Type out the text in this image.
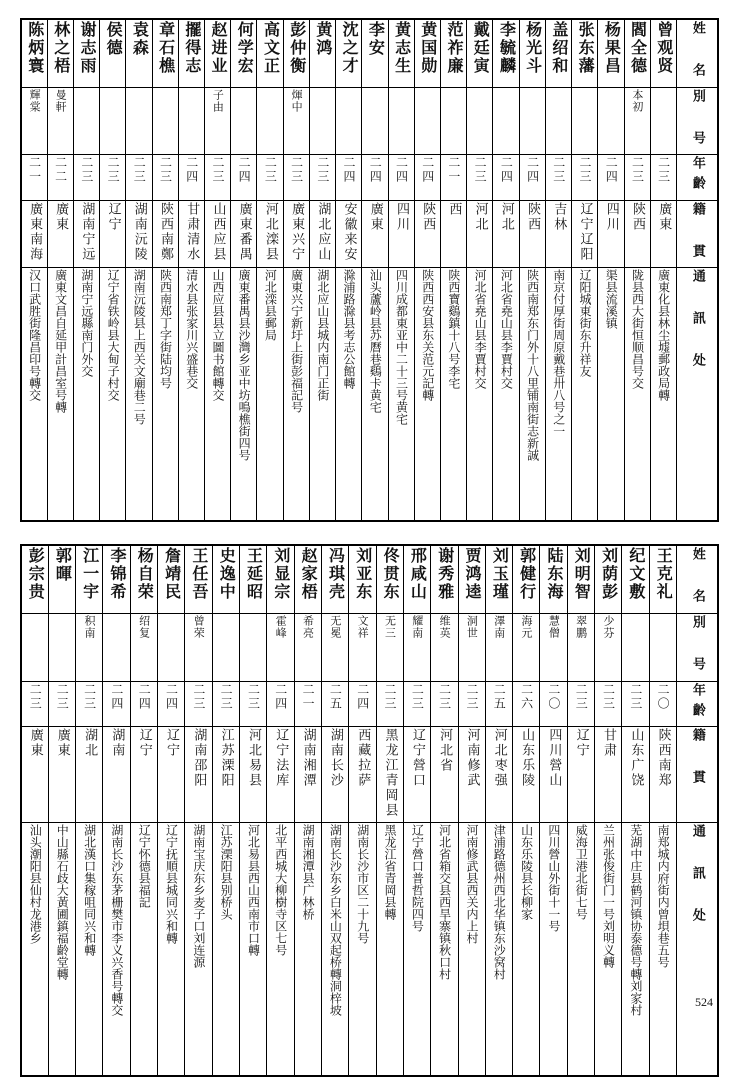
陈炳寰	林之梧	谢志雨	侯德	袁森	章石樵	擺得志	赵进业	何学宏	高文正	彭仲衡	黄鸿	沈之才	李安	黄志生	黄国勋	范祚廉	戴廷寅	李毓麟	杨光斗	盖绍和	张东藩	杨果昌	閻全德	曾观贤	姓 名
輝棠	曼軒						子由			煇中													本初		別 号
二一	二二	二三	二三	二三	二三	二四	二三	二四	二三	二三	二三	二四	二四	二四	二四	二一	二三	二四	二四	二三	二三	二四	二三	二三	年齡
廣東南海	廣東	湖南宁远	辽宁	湖南沅陵	陝西南鄭	甘肃清水	山西应县	廣東番禺	河北滦县	廣東兴宁	湖北应山	安徽来安	廣東	四川	陝西	西	河北	河北	陝西	吉林	辽宁辽阳	四川	陝西	廣東	籍 貫
汉口武胜街隆昌印号轉交	廣東文昌自延甲計昌室号轉	湖南宁远縣南门外交	辽宁省铁岭县大甸子村交	湖南沅陵县上西关文廟巷二号	陕西南郑丁字街陆均号	清水县张家川兴盛巷交	山西应县县立圖书館轉交	廣東番禺县沙灣乡亚中坊鳴樵街四号	河北滦县郵局	廣東兴宁新圩上街彭福記号	湖北应山县城内南门正街	滁浦路滁县考志公館轉	汕头蘆岭县苏曆巷鷄卡黄宅	四川成都東亚中二十三号黄宅	陕西西安县东关范元記轉	陕西寶鷄鎮十八号李宅	河北省堯山县李賈村交	河北省堯山县李賈村交	陕西南郑东门外十八里铺南街志新誠	南京付厚街周原戴巷卅八号之一	辽阳城東街东升祥友	渠县流溪镇	陇县西大街恒顺昌号交	廣東化县林尘墟郵政局轉	通 訊 处
彭宗贵	郭暉	江一宇	李锦希	杨自荣	詹靖民	王任吾	史逸中	王延昭	刘显宗	赵家梧	冯琪壳	刘亚东	佟贯东	邢咸山	谢秀雅	贾鸿逵	刘玉瑾	郭健行	陆东海	刘明智	刘荫彭	纪文敷	王克礼	姓 名
		积南		绍复		曾荣			霍峰	希亮	无冕	文祥	无三	耀南	维英	洞世	澤南	海元	慧僧	翠鹏	少芬			別 号
二三	二三	二三	二四	二四	二四	二三	二三	二三	二四	二一	二五	二四	二三	二三	二三	二三	二五	二六	二〇	二三	二三	二三	二〇	年齡
廣東	廣東	湖北	湖南	辽宁	辽宁	湖南邵阳	江苏溧阳	河北易县	辽宁法库	湖南湘潭	湖南长沙	西藏拉萨	黑龙江青岡县	辽宁營口	河北省	河南修武	河北枣强	山东乐陵	四川營山	辽宁	甘肃	山东广饶	陝西南郑	籍 貫
汕头潮阳县仙村龙港乡	中山縣石歧大黃圃鎮福齡堂轉	湖北漢口集稼咀同兴和轉	湖南长沙东茅栅樊市李义兴香号轉交	辽宁怀德县福記	辽宁抚順县城同兴和轉	湖南宝庆东乡麦子口刘连源	江苏溧阳县别桥头	河北易县西山西南市口轉	北平西城大柳樹寺区七号	湖南湘潭县广林桥	湖南长沙东乡白米山双起桥轉洞梓坡	湖南长沙市区二十九号	黑龙江省青岡县轉	辽宁營口普哲院四号	河北省箱交县西旱寨镇秋口村	河南修武县西关内上村	津浦路德州西北华镇东沙窝村	山东乐陵县长柳家	四川營山外街十一号	威海卫港北街七号	兰州张俊街门一号刘明义轉	芜湖中庄县鹤河镇协泰德号轉刘家村	南郑城内府街内曾垻巷五号	通 訊 处
524
